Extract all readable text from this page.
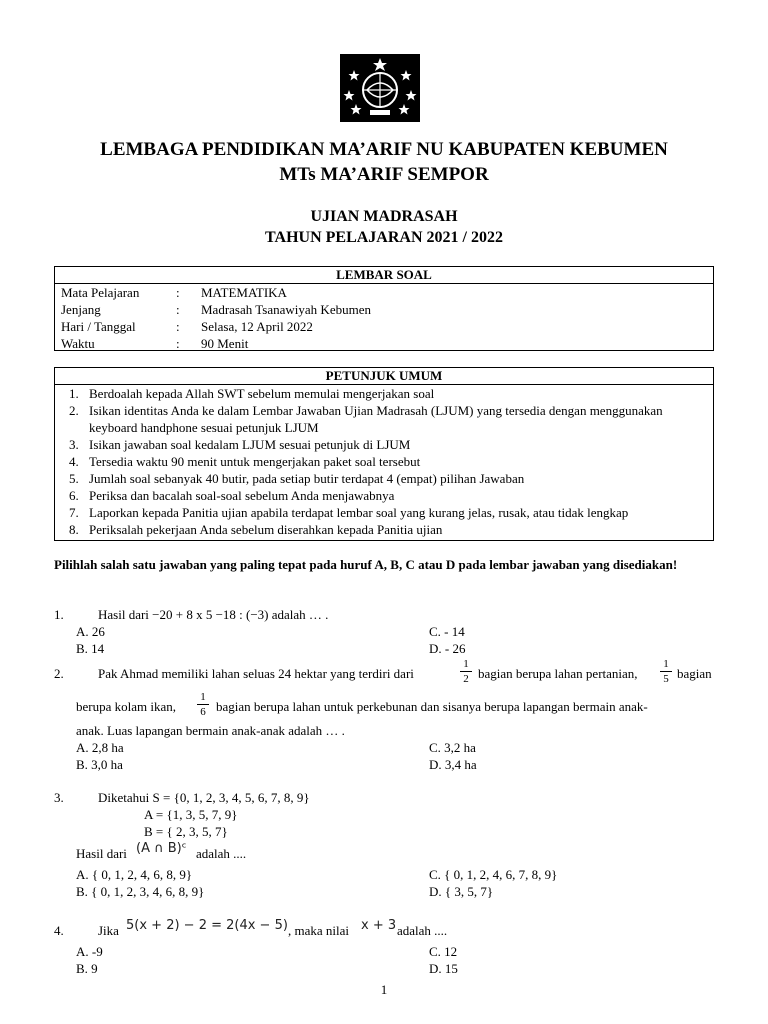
LEMBAGA PENDIDIKAN MA’ARIF NU KABUPATEN KEBUMEN
MTs MA’ARIF SEMPOR
UJIAN MADRASAH
TAHUN PELAJARAN 2021 / 2022
LEMBAR SOAL
Mata Pelajaran	: MATEMATIKA
Jenjang	: Madrasah Tsanawiyah Kebumen
Hari / Tanggal	: Selasa, 12 April 2022
Waktu	: 90 Menit
PETUNJUK UMUM
1. Berdoalah kepada Allah SWT sebelum memulai mengerjakan soal
2. Isikan identitas Anda ke dalam Lembar Jawaban Ujian Madrasah (LJUM) yang tersedia dengan menggunakan keyboard handphone sesuai petunjuk LJUM
3. Isikan jawaban soal kedalam LJUM sesuai petunjuk di LJUM
4. Tersedia waktu 90 menit untuk mengerjakan paket soal tersebut
5. Jumlah soal sebanyak 40 butir, pada setiap butir terdapat 4 (empat) pilihan Jawaban
6. Periksa dan bacalah soal-soal sebelum Anda menjawabnya
7. Laporkan kepada Panitia ujian apabila terdapat lembar soal yang kurang jelas, rusak, atau tidak lengkap
8. Periksalah pekerjaan Anda sebelum diserahkan kepada Panitia ujian
Pilihlah salah satu jawaban yang paling tepat pada huruf A, B, C atau D pada lembar jawaban yang disediakan!
1.	Hasil dari −20 + 8 x 5 −18 : (−3) adalah … .
A. 26
B. 14
C. - 14
D. - 26
2.	Pak Ahmad memiliki lahan seluas 24 hektar yang terdiri dari	$\frac{1}{2}$ bagian berupa lahan pertanian, $\frac{1}{5}$ bagian
berupa kolam ikan, $\frac{1}{6}$ bagian berupa lahan untuk perkebunan dan sisanya berupa lapangan bermain anak-
anak. Luas lapangan bermain anak-anak adalah … .
A. 2,8 ha
B. 3,0 ha
C. 3,2 ha
D. 3,4 ha
3.	Diketahui S = {0, 1, 2, 3, 4, 5, 6, 7, 8, 9}
A = {1, 3, 5, 7, 9}
B = { 2, 3, 5, 7}
Hasil dari (A ∩ B)ᶜ adalah ....
A. { 0, 1, 2, 4, 6, 8, 9}
B. { 0, 1, 2, 3, 4, 6, 8, 9}
C. { 0, 1, 2, 4, 6, 7, 8, 9}
D. { 3, 5, 7}
4.	Jika 5(x + 2) − 2 = 2(4x − 5) , maka nilai x + 3 adalah ....
A. -9
B. 9
C. 12
D. 15
1
